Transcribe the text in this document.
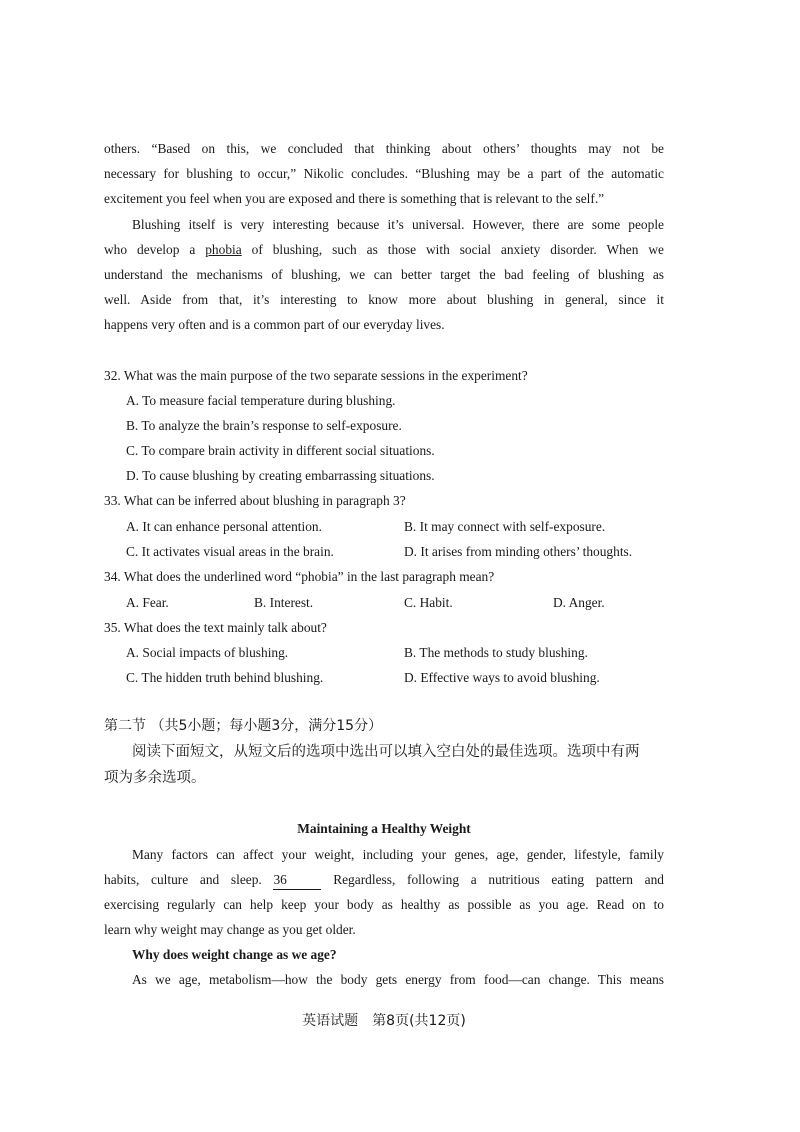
others. “Based on this, we concluded that thinking about others’ thoughts may not be
necessary for blushing to occur,” Nikolic concludes. “Blushing may be a part of the automatic
excitement you feel when you are exposed and there is something that is relevant to the self.”
Blushing itself is very interesting because it’s universal. However, there are some people
who develop a phobia of blushing, such as those with social anxiety disorder. When we
understand the mechanisms of blushing, we can better target the bad feeling of blushing as
well. Aside from that, it’s interesting to know more about blushing in general, since it
happens very often and is a common part of our everyday lives.
32. What was the main purpose of the two separate sessions in the experiment?
A. To measure facial temperature during blushing.
B. To analyze the brain’s response to self-exposure.
C. To compare brain activity in different social situations.
D. To cause blushing by creating embarrassing situations.
33. What can be inferred about blushing in paragraph 3?
A. It can enhance personal attention.	B. It may connect with self-exposure.
C. It activates visual areas in the brain.	D. It arises from minding others’ thoughts.
34. What does the underlined word “phobia” in the last paragraph mean?
A. Fear.	B. Interest.	C. Habit.	D. Anger.
35. What does the text mainly talk about?
A. Social impacts of blushing.	B. The methods to study blushing.
C. The hidden truth behind blushing.	D. Effective ways to avoid blushing.
第二节 （共5小题；每小题3分，满分15分）
阅读下面短文，从短文后的选项中选出可以填入空白处的最佳选项。选项中有两
项为多余选项。
Maintaining a Healthy Weight
Many factors can affect your weight, including your genes, age, gender, lifestyle, family
habits, culture and sleep. 36	Regardless, following a nutritious eating pattern and
exercising regularly can help keep your body as healthy as possible as you age. Read on to
learn why weight may change as you get older.
Why does weight change as we age?
As we age, metabolism—how the body gets energy from food—can change. This means
英语试题　第8页(共12页)
